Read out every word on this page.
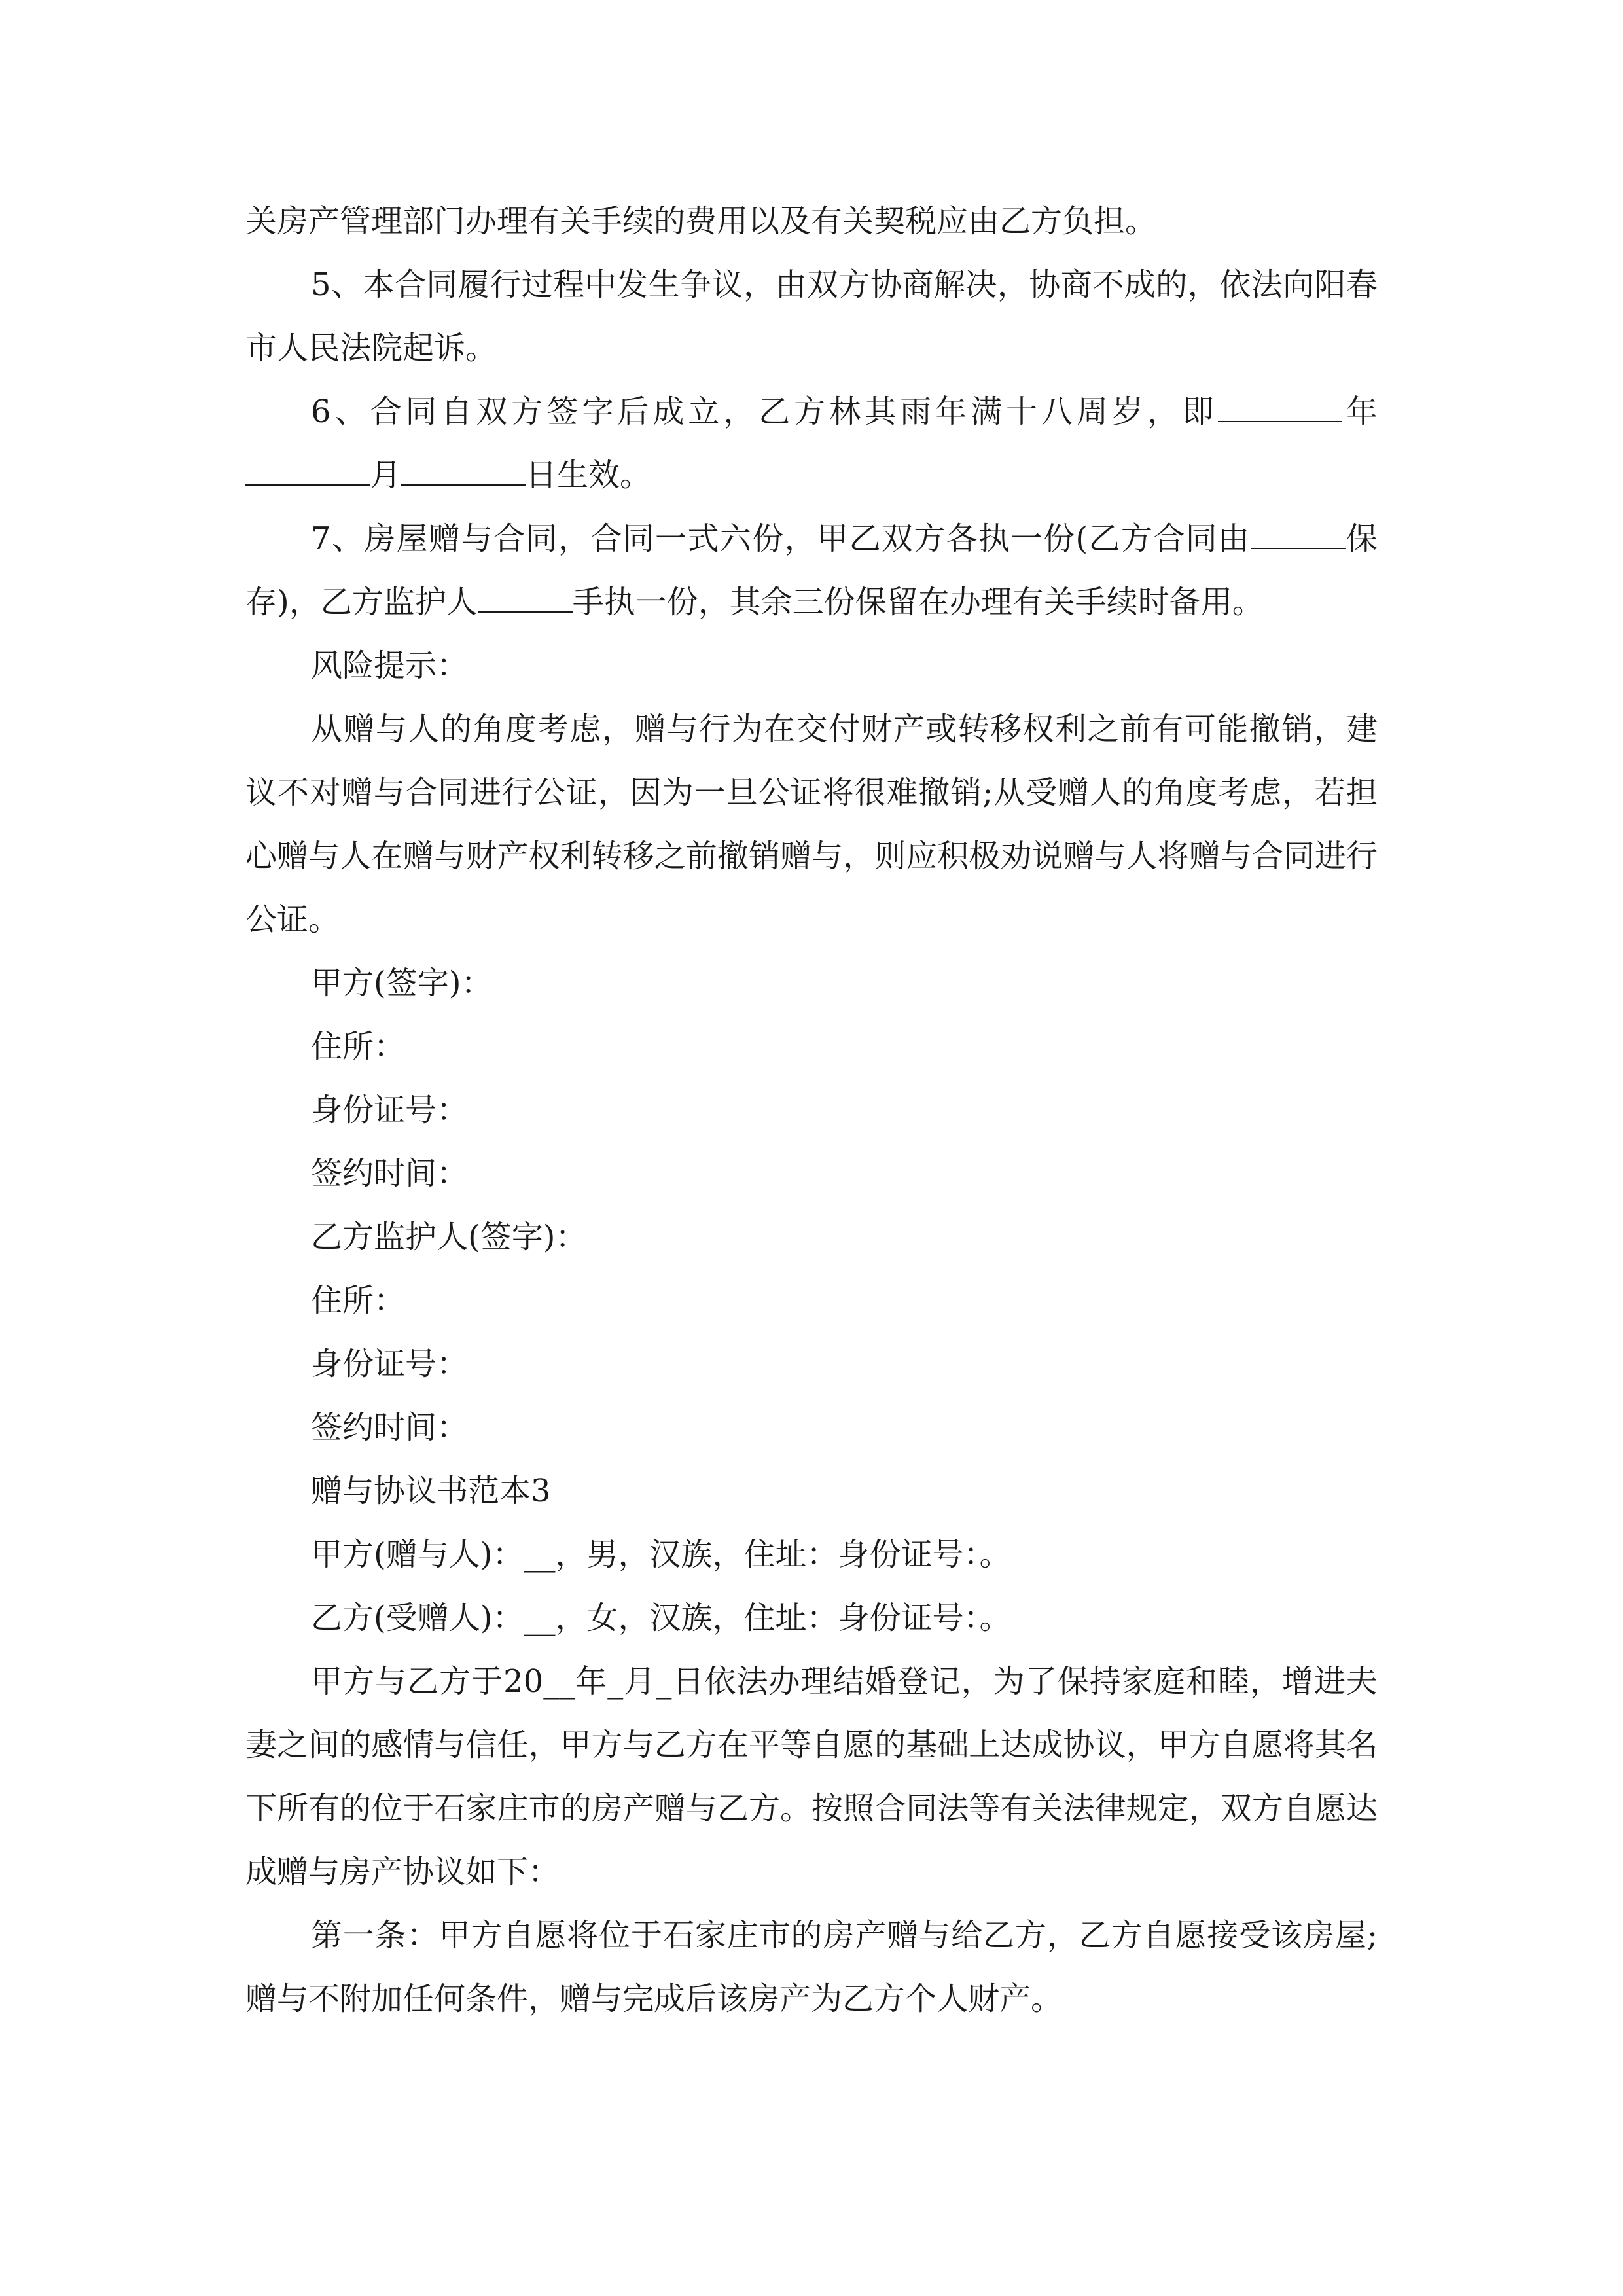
关房产管理部门办理有关手续的费用以及有关契税应由乙方负担。

5、本合同履行过程中发生争议，由双方协商解决，协商不成的，依法向阳春市人民法院起诉。

6、合同自双方签字后成立，乙方林其雨年满十八周岁，即	年月	日生效。

7、房屋赠与合同，合同一式六份，甲乙双方各执一份(乙方合同由	保存)，乙方监护人	手执一份，其余三份保留在办理有关手续时备用。

风险提示：

从赠与人的角度考虑，赠与行为在交付财产或转移权利之前有可能撤销，建议不对赠与合同进行公证，因为一旦公证将很难撤销;从受赠人的角度考虑，若担心赠与人在赠与财产权利转移之前撤销赠与，则应积极劝说赠与人将赠与合同进行公证。

甲方(签字)：

住所：

身份证号：

签约时间：

乙方监护人(签字)：

住所：

身份证号：

签约时间：

赠与协议书范本3

甲方(赠与人)：__，男，汉族，住址：身份证号：。

乙方(受赠人)：__，女，汉族，住址：身份证号：。

甲方与乙方于20__年_月_日依法办理结婚登记，为了保持家庭和睦，增进夫妻之间的感情与信任，甲方与乙方在平等自愿的基础上达成协议，甲方自愿将其名下所有的位于石家庄市的房产赠与乙方。按照合同法等有关法律规定，双方自愿达成赠与房产协议如下：

第一条：甲方自愿将位于石家庄市的房产赠与给乙方，乙方自愿接受该房屋;赠与不附加任何条件，赠与完成后该房产为乙方个人财产。
